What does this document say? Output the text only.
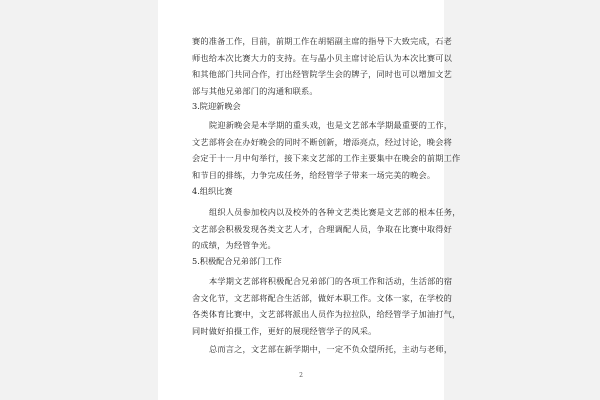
赛的准备工作，目前，前期工作在胡韬副主席的指导下大致完成，石老
师也给本次比赛大力的支持。在与晶小贝主席讨论后认为本次比赛可以
和其他部门共同合作，打出经管院学生会的牌子，同时也可以增加文艺
部与其他兄弟部门的沟通和联系。
3.院迎新晚会
院迎新晚会是本学期的重头戏，也是文艺部本学期最重要的工作，
文艺部将会在办好晚会的同时不断创新，增添亮点，经过讨论，晚会将
会定于十一月中旬举行，接下来文艺部的工作主要集中在晚会的前期工作
和节目的排练，力争完成任务，给经管学子带来一场完美的晚会。
4.组织比赛
组织人员参加校内以及校外的各种文艺类比赛是文艺部的根本任务，
文艺部会积极发现各类文艺人才，合理调配人员，争取在比赛中取得好
的成绩，为经管争光。
5.积极配合兄弟部门工作
本学期文艺部将积极配合兄弟部门的各项工作和活动，生活部的宿
舍文化节，文艺部将配合生活部，做好本职工作。文体一家，在学校的
各类体育比赛中，文艺部将派出人员作为拉拉队，给经管学子加油打气，
同时做好拍摄工作，更好的展现经管学子的风采。
总而言之，文艺部在新学期中，一定不负众望所托，主动与老师，
2
